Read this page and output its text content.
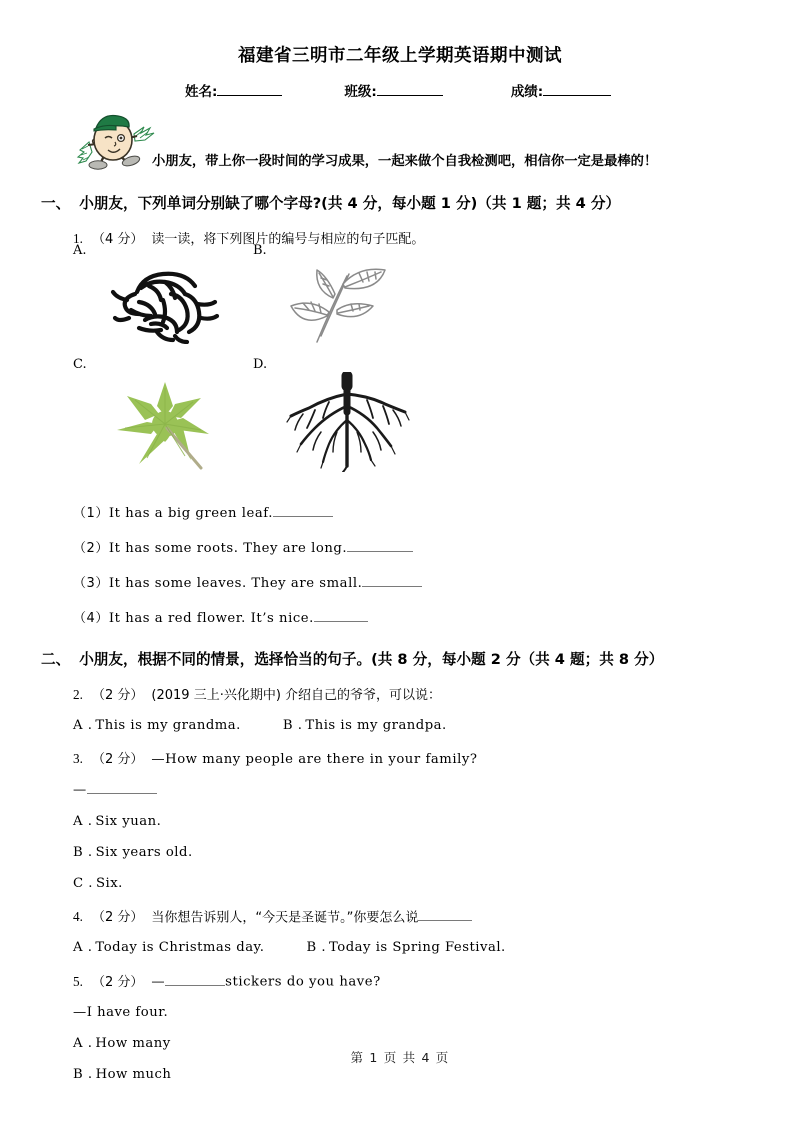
福建省三明市二年级上学期英语期中测试
姓名:	班级:	成绩:
小朋友，带上你一段时间的学习成果，一起来做个自我检测吧，相信你一定是最棒的！
一、 小朋友，下列单词分别缺了哪个字母?(共 4 分，每小题 1 分)（共 1 题；共 4 分）
1. （4 分） 读一读，将下列图片的编号与相应的句子匹配。
A.	B.
C.	D.
（1）It has a big green leaf.
（2）It has some roots. They are long.
（3）It has some leaves. They are small.
（4）It has a red flower. It’s nice.
二、 小朋友，根据不同的情景，选择恰当的句子。(共 8 分，每小题 2 分（共 4 题；共 8 分）
2. （2 分） (2019 三上·兴化期中) 介绍自己的爷爷，可以说：
A . This is my grandma.	B . This is my grandpa.
3. （2 分） —How many people are there in your family?
—
A . Six yuan.
B . Six years old.
C . Six.
4. （2 分） 当你想告诉别人，“今天是圣诞节。”你要怎么说
A . Today is Christmas day.	B . Today is Spring Festival.
5. （2 分） —	stickers do you have?
—I have four.
A . How many
B . How much
第 1 页 共 4 页
